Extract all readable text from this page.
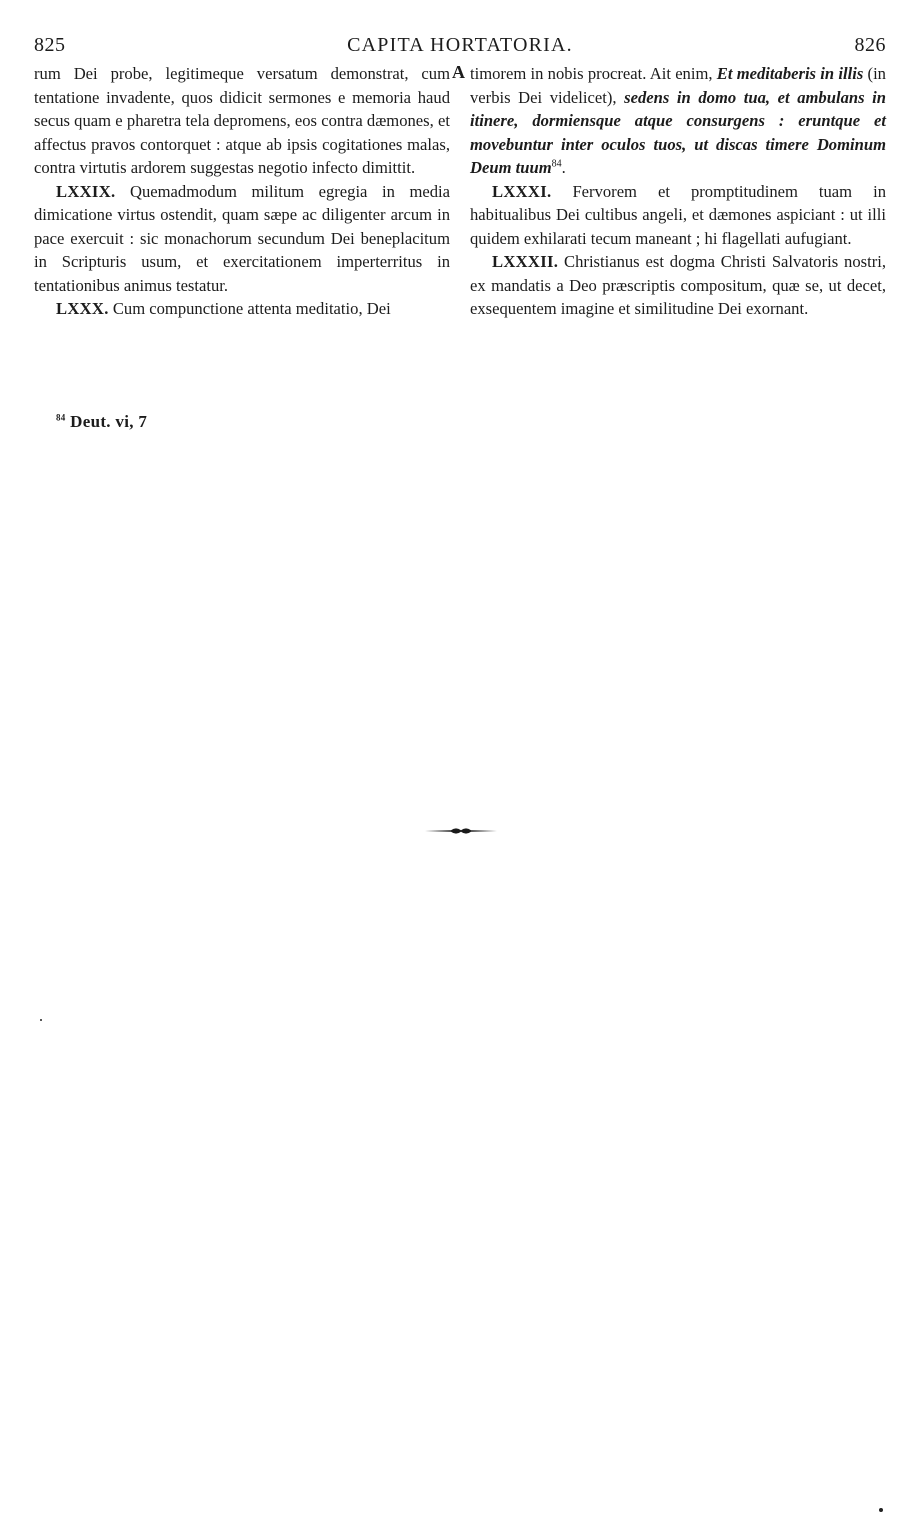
825	CAPITA HORTATORIA.	826

rum Dei probe, legitimeque versatum demonstrat, cum tentatione invadente, quos didicit sermones e memoria haud secus quam e pharetra tela depromens, eos contra dæmones, et affectus pravos contorquet : atque ab ipsis cogitationes malas, contra virtutis ardorem suggestas negotio infecto dimittit.

LXXIX. Quemadmodum militum egregia in media dimicatione virtus ostendit, quam sæpe ac diligenter arcum in pace exercuit : sic monachorum secundum Dei beneplacitum in Scripturis usum, et exercitationem imperterritus in tentationibus animus testatur.

LXXX. Cum compunctione attenta meditatio, Dei

A timorem in nobis procreat. Ait enim, Et meditaberis in illis (in verbis Dei videlicet), sedens in domo tua, et ambulans in itinere, dormiensque atque consurgens : eruntque et movebuntur inter oculos tuos, ut discas timere Dominum Deum tuum$^{84}$.

LXXXI. Fervorem et promptitudinem tuam in habitualibus Dei cultibus angeli, et dæmones aspiciant : ut illi quidem exhilarati tecum maneant ; hi flagellati aufugiant.

LXXXII. Christianus est dogma Christi Salvatoris nostri, ex mandatis a Deo præscriptis compositum, quæ se, ut decet, exsequentem imagine et similitudine Dei exornant.

$^{84}$ Deut. vi, 7
